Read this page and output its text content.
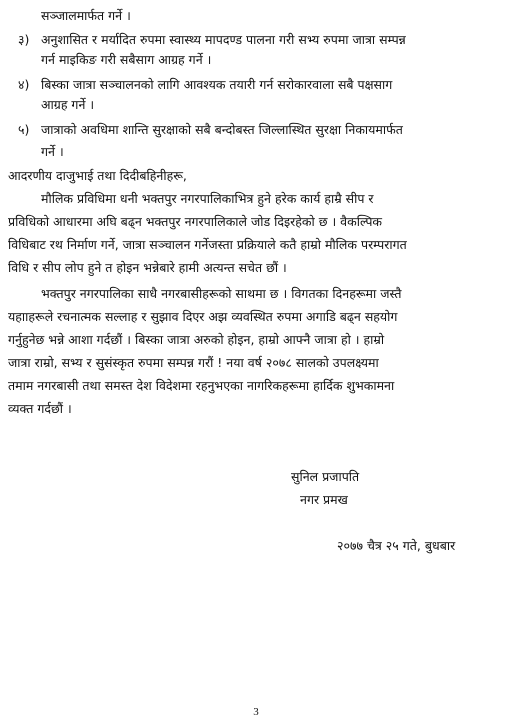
सञ्जालमार्फत गर्ने ।
३) अनुशासित र मर्यादित रुपमा स्वास्थ्य मापदण्ड पालना गरी सभ्य रुपमा जात्रा सम्पन्न
गर्न माइकिङ गरी सबैसाग आग्रह गर्ने ।
४) बिस्का जात्रा सञ्चालनको लागि आवश्यक तयारी गर्न सरोकारवाला सबै पक्षसाग
आग्रह गर्ने ।
५) जात्राको अवधिमा शान्ति सुरक्षाको सबै बन्दोबस्त जिल्लास्थित सुरक्षा निकायमार्फत
गर्ने ।
आदरणीय दाजुभाई तथा दिदीबहिनीहरू,
मौलिक प्रविधिमा धनी भक्तपुर नगरपालिकाभित्र हुने हरेक कार्य हाम्रै सीप र
प्रविधिको आधारमा अघि बढ्न भक्तपुर नगरपालिकाले जोड दिइरहेको छ । वैकल्पिक
विधिबाट रथ निर्माण गर्ने, जात्रा सञ्चालन गर्नेजस्ता प्रक्रियाले कतै हाम्रो मौलिक परम्परागत
विधि र सीप लोप हुने त होइन भन्नेबारे हामी अत्यन्त सचेत छौं ।
भक्तपुर नगरपालिका साधै नगरबासीहरूको साथमा छ । विगतका दिनहरूमा जस्तै
यहााहरूले रचनात्मक सल्लाह र सुझाव दिएर अझ व्यवस्थित रुपमा अगाडि बढ्न सहयोग
गर्नुहुनेछ भन्ने आशा गर्दछौं । बिस्का जात्रा अरुको होइन, हाम्रो आफ्नै जात्रा हो । हाम्रो
जात्रा राम्रो, सभ्य र सुसंस्कृत रुपमा सम्पन्न गरौं ! नया वर्ष २०७८ सालको उपलक्ष्यमा
तमाम नगरबासी तथा समस्त देश विदेशमा रहनुभएका नागरिकहरूमा हार्दिक शुभकामना
व्यक्त गर्दछौं ।
सुनिल प्रजापति
नगर प्रमख
२०७७ चैत्र २५ गते, बुधबार
3
